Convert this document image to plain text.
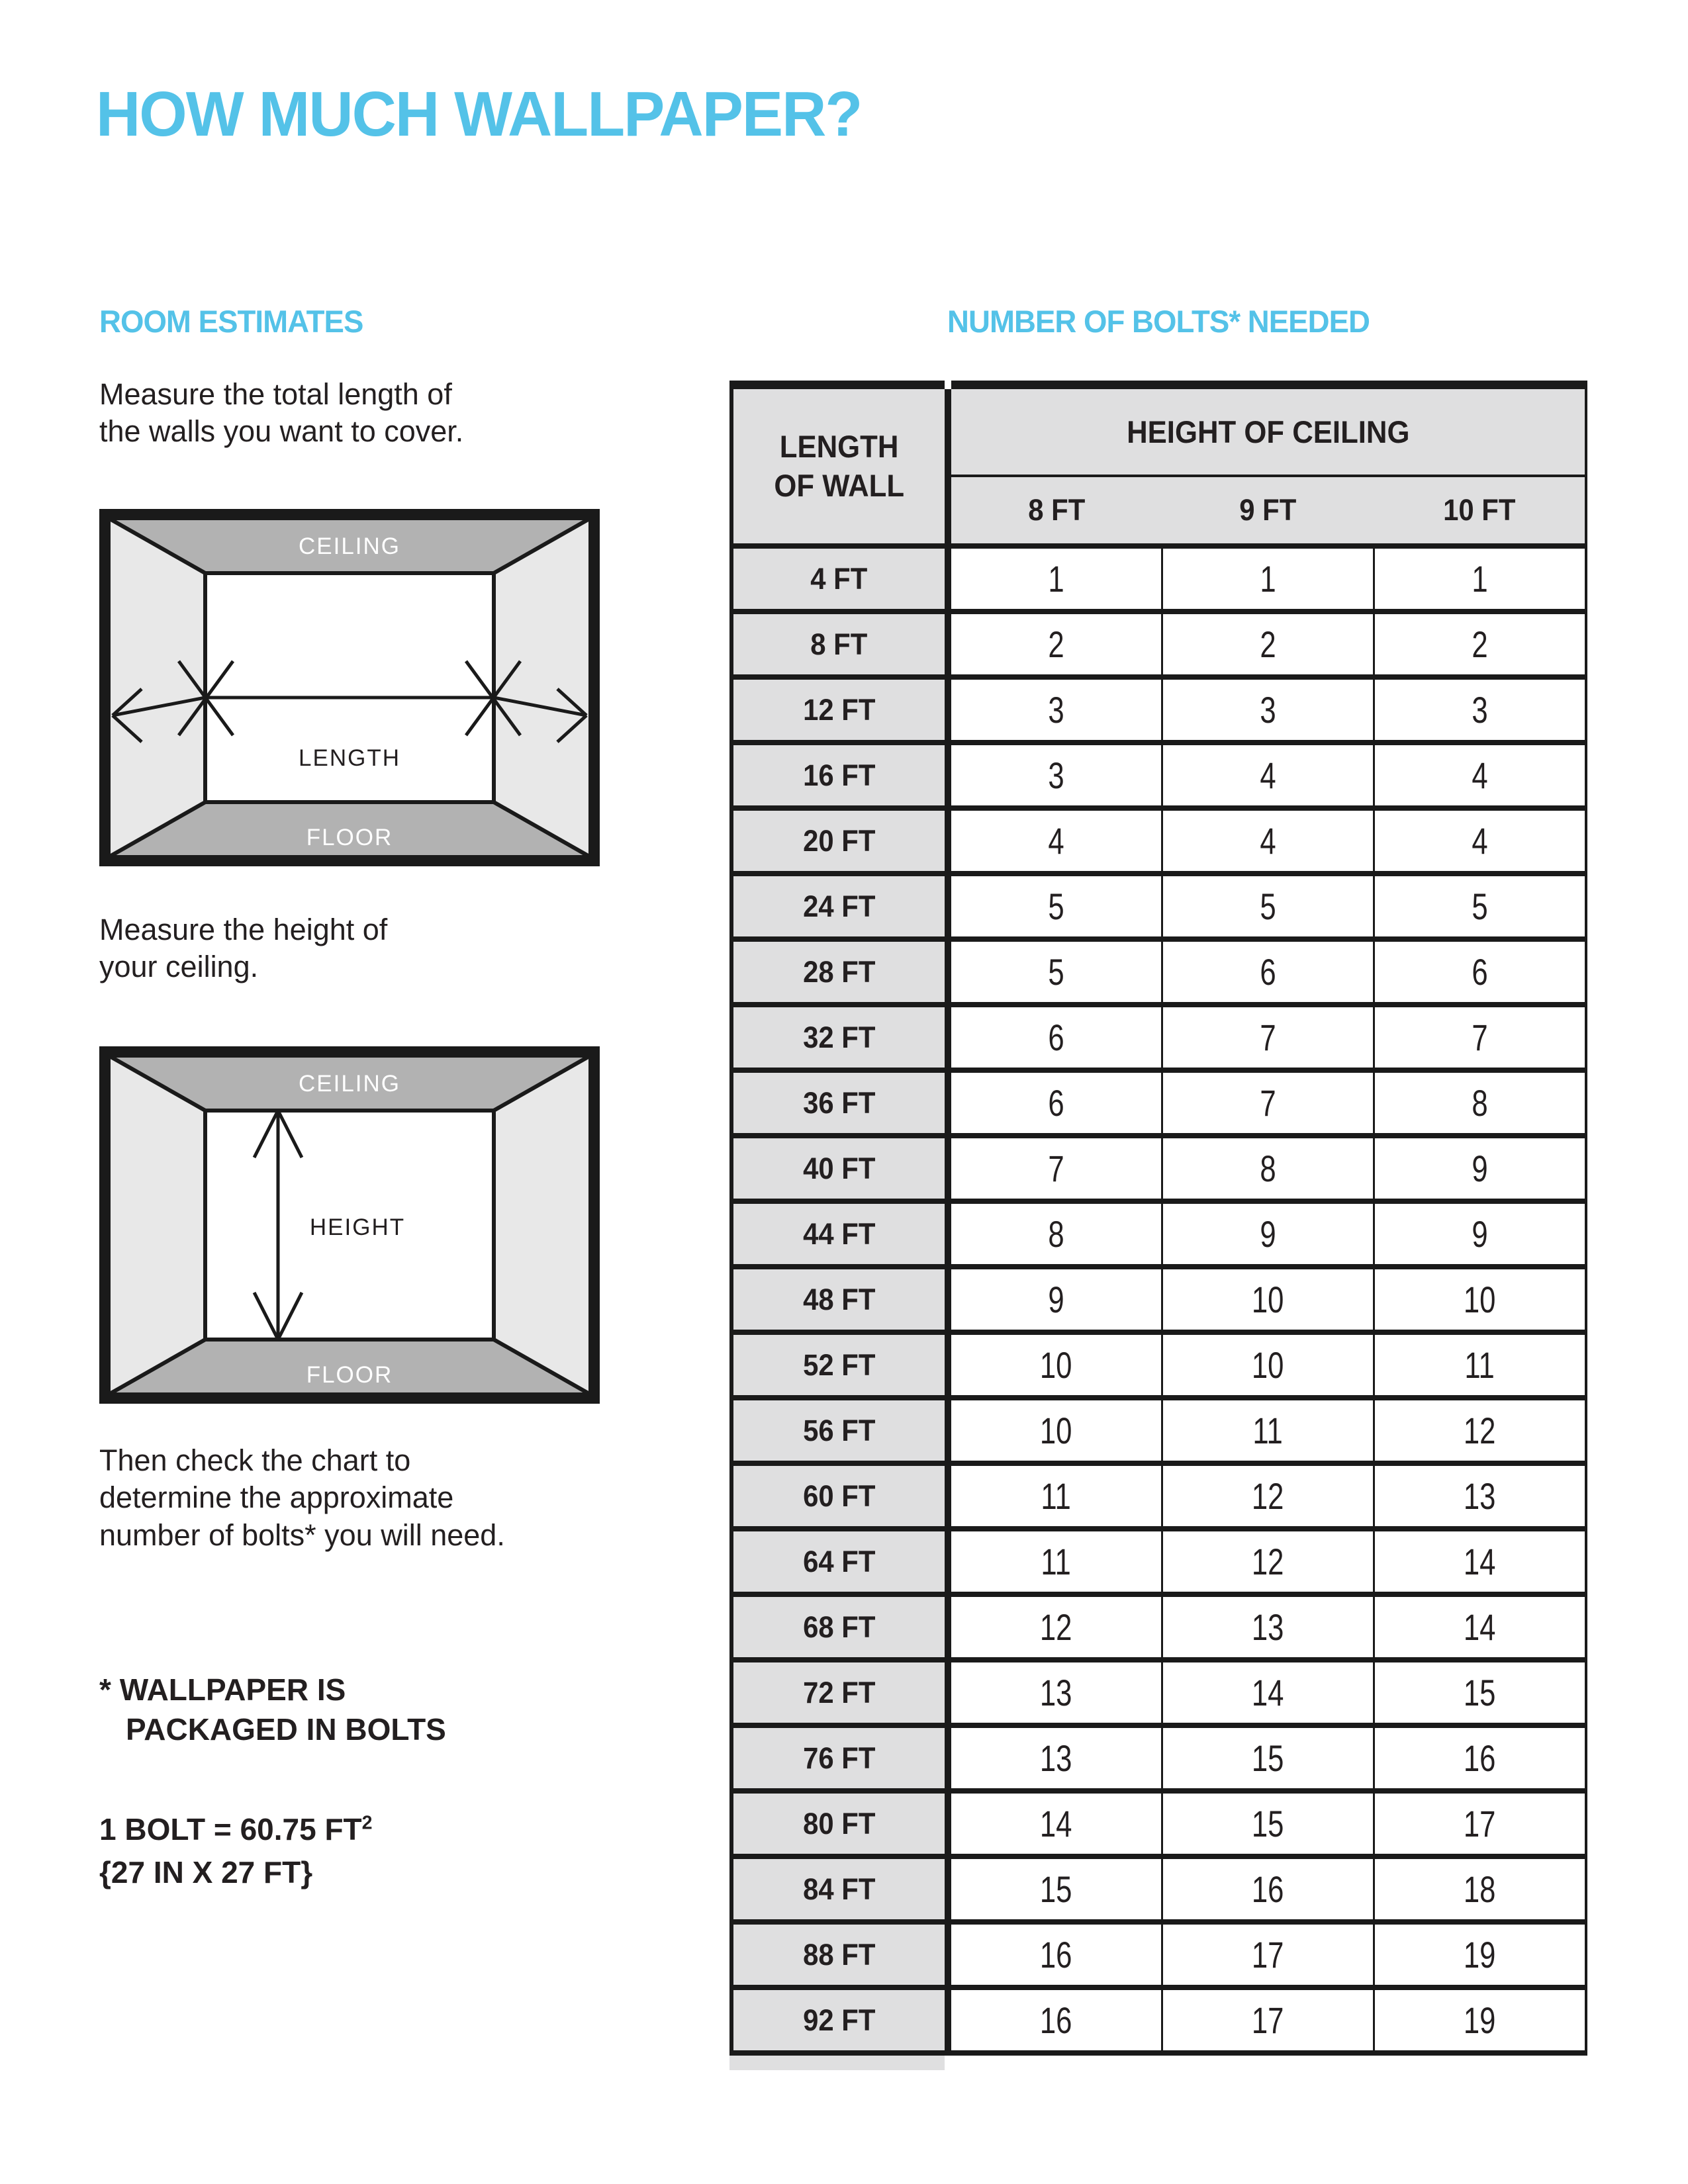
HOW MUCH WALLPAPER?
ROOM ESTIMATES

Measure the total length of
the walls you want to cover.

CEILING
FLOOR
LENGTH

Measure the height of
your ceiling.

CEILING
FLOOR
HEIGHT

Then check the chart to
determine the approximate
number of bolts* you will need.

* WALLPAPER IS
PACKAGED IN BOLTS
1 BOLT = 60.75 $FT^2$
{27 IN X 27 FT}
NUMBER OF BOLTS* NEEDED
LENGTH
OF WALL
HEIGHT OF CEILING
8 FT	9 FT	10 FT
4 FT	1	1	1
8 FT	2	2	2
12 FT	3	3	3
16 FT	3	4	4
20 FT	4	4	4
24 FT	5	5	5
28 FT	5	6	6
32 FT	6	7	7
36 FT	6	7	8
40 FT	7	8	9
44 FT	8	9	9
48 FT	9	10	10
52 FT	10	10	11
56 FT	10	11	12
60 FT	11	12	13
64 FT	11	12	14
68 FT	12	13	14
72 FT	13	14	15
76 FT	13	15	16
80 FT	14	15	17
84 FT	15	16	18
88 FT	16	17	19
92 FT	16	17	19
